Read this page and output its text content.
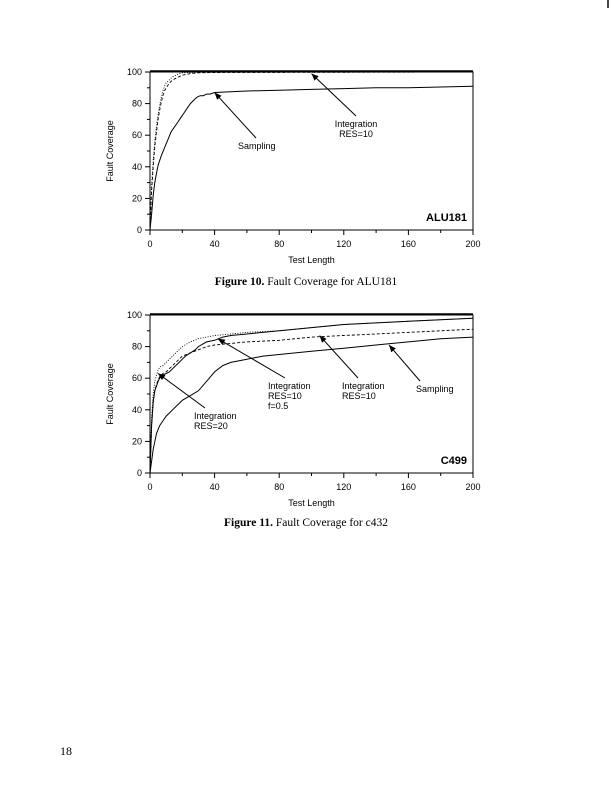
0
20
40
60
80
100
0	40	80	120	160	200
Test Length
Fault Coverage
ALU181
Sampling
Integration
RES=10
Figure 10. Fault Coverage for ALU181
0
20
40
60
80
100
0	40	80	120	160	200
Test Length
Fault Coverage
C499
Integration
RES=20
Integration
RES=10
f=0.5
Integration
RES=10
Sampling
Figure 11. Fault Coverage for c432
18
